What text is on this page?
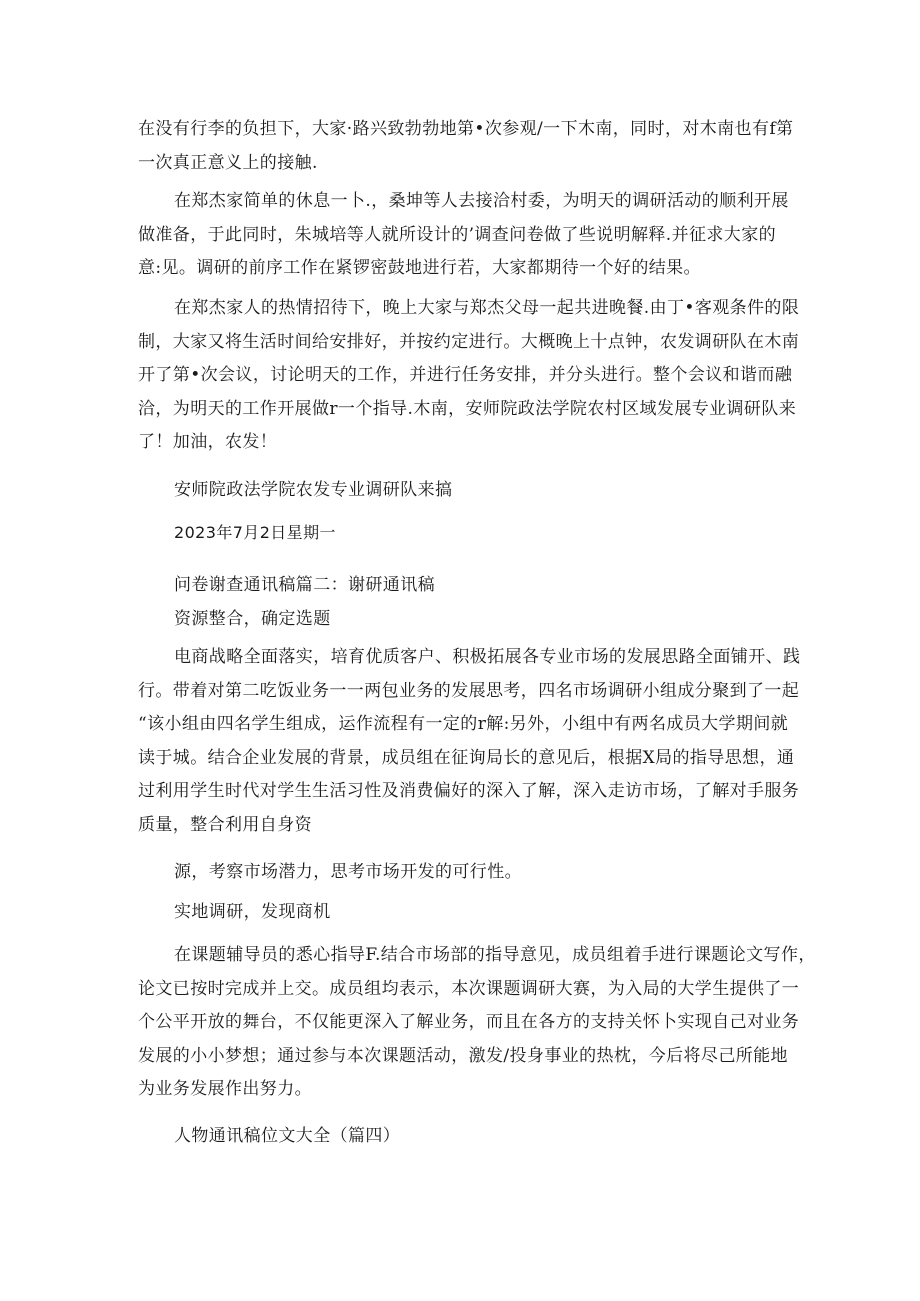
在没有行李的负担下，大家·路兴致勃勃地第•次参观/一下木南，同时，对木南也有f第
一次真正意义上的接触.
在郑杰家简单的休息一卜.，桑坤等人去接洽村委，为明天的调研活动的顺利开展
做准备，于此同时，朱城培等人就所设计的’调查问卷做了些说明解释.并征求大家的
意:见。调研的前序工作在紧锣密鼓地进行若，大家都期待一个好的结果。
在郑杰家人的热情招待下，晚上大家与郑杰父母一起共进晚餐.由丁•客观条件的限
制，大家又将生活时间给安排好，并按约定进行。大概晚上十点钟，农发调研队在木南
开了第•次会议，讨论明天的工作，并进行任务安排，并分头进行。整个会议和谐而融
洽，为明天的工作开展做r一个指导.木南，安师院政法学院农村区域发展专业调研队来
了！加油，农发！

安师院政法学院农发专业调研队来搞

2023年7月2日星期一

问卷谢查通讯稿篇二：谢研通讯稿

资源整合，确定选题

电商战略全面落实，培育优质客户、积极拓展各专业市场的发展思路全面铺开、践
行。带着对第二吃饭业务一一两包业务的发展思考，四名市场调研小组成分聚到了一起
“该小组由四名学生组成，运作流程有一定的r解:另外，小组中有两名成员大学期间就
读于城。结合企业发展的背景，成员组在征询局长的意见后，根据X局的指导思想，通
过利用学生时代对学生生活习性及消费偏好的深入了解，深入走访市场，了解对手服务
质量，整合利用自身资

源，考察市场潜力，思考市场开发的可行性。

实地调研，发现商机

在课题辅导员的悉心指导F.结合市场部的指导意见，成员组着手进行课题论文写作，
论文已按时完成并上交。成员组均表示，本次课题调研大赛，为入局的大学生提供了一
个公平开放的舞台，不仅能更深入了解业务，而且在各方的支持关怀卜实现自己对业务
发展的小小梦想；通过参与本次课题活动，激发/投身事业的热枕，今后将尽己所能地
为业务发展作出努力。

人物通讯稿位文大全（篇四）
